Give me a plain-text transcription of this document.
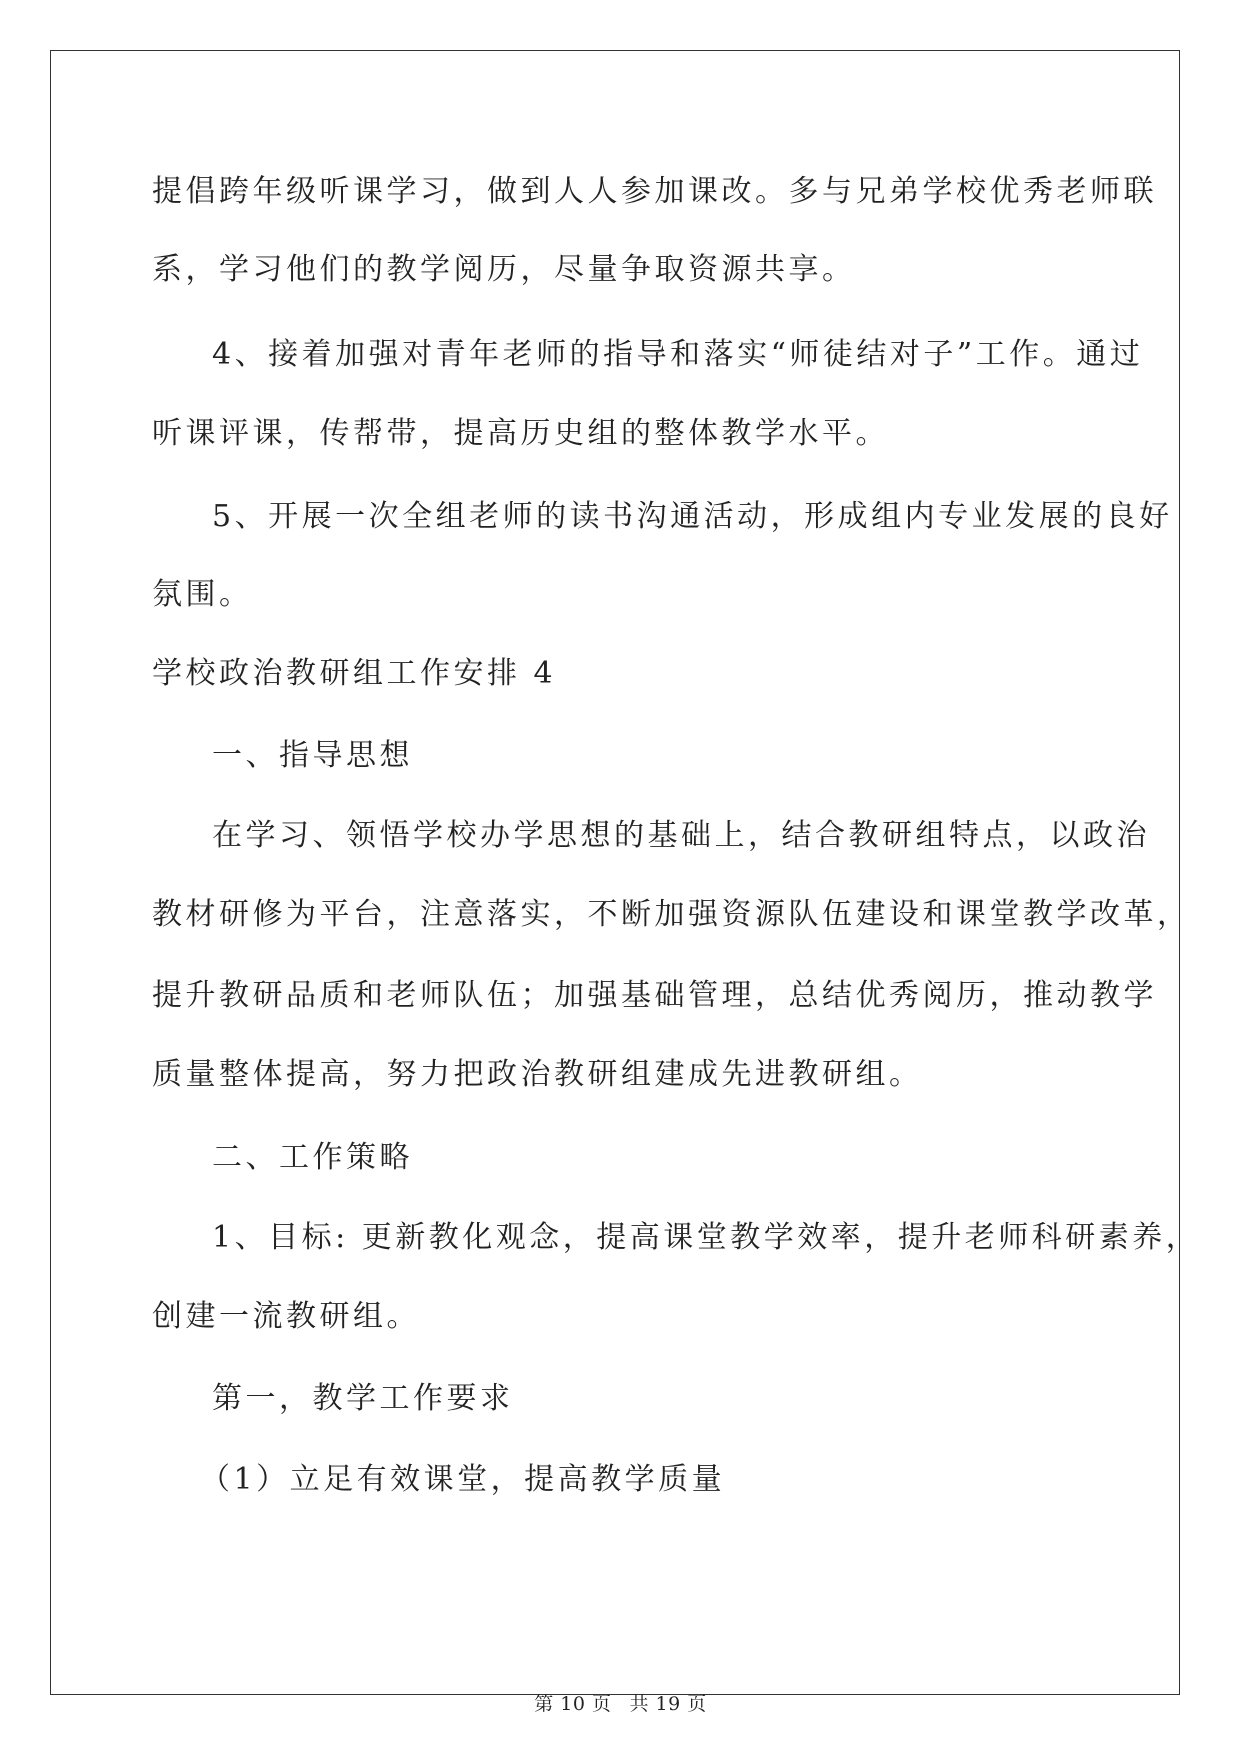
提倡跨年级听课学习，做到人人参加课改。多与兄弟学校优秀老师联
系，学习他们的教学阅历，尽量争取资源共享。
4、接着加强对青年老师的指导和落实“师徒结对子”工作。通过
听课评课，传帮带，提高历史组的整体教学水平。
5、开展一次全组老师的读书沟通活动，形成组内专业发展的良好
氛围。
学校政治教研组工作安排 4
一、指导思想
在学习、领悟学校办学思想的基础上，结合教研组特点，以政治
教材研修为平台，注意落实，不断加强资源队伍建设和课堂教学改革，
提升教研品质和老师队伍；加强基础管理，总结优秀阅历，推动教学
质量整体提高，努力把政治教研组建成先进教研组。
二、工作策略
1、目标: 更新教化观念，提高课堂教学效率，提升老师科研素养，
创建一流教研组。
第一，教学工作要求
（1）立足有效课堂，提高教学质量
第 10 页 共 19 页
